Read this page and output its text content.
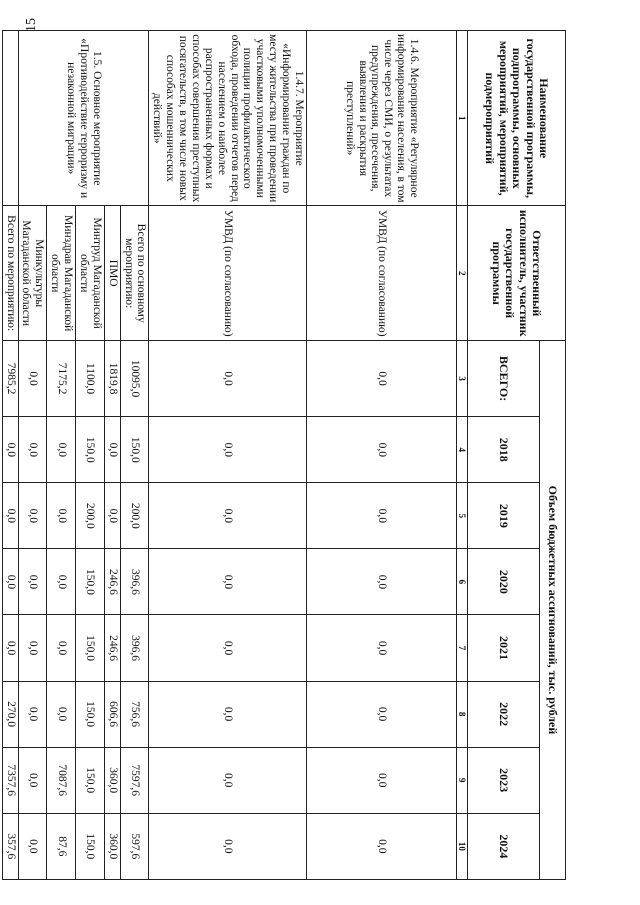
15
Наименование государственной программы, подпрограммы, основных мероприятий, мероприятий, подмероприятий	Ответственный исполнитель, участник государственной программы	Объем бюджетных ассигнований, тыс. рублей							
		ВСЕГО:	2018	2019	2020	2021	2022	2023	2024
1	2	3	4	5	6	7	8	9	10
1.4.6. Мероприятие «Регулярное информирование населения, в том числе через СМИ, о результатах предупреждения, пресечения, выявления и раскрытия преступлений»	УМВД (по согласованию)	0,0	0,0	0,0	0,0	0,0	0,0	0,0	0,0
1.4.7. Мероприятие «Информирование граждан по месту жительства при проведении участковыми уполномоченными полиции профилактического обхода, проведении отчетов перед населением о наиболее распространенных формах и способах совершения преступных посягательств, в том числе новых способах мошеннических действий»	УМВД (по согласованию)	0,0	0,0	0,0	0,0	0,0	0,0	0,0	0,0
1.5. Основное мероприятие «Противодействие терроризму и незаконной миграции»	Всего по основному мероприятию:	10095,0	150,0	200,0	396,6	396,6	756,6	7597,6	597,6
	ПМО	1819,8	0,0	0,0	246,6	246,6	606,6	360,0	360,0
	Минтруд Магаданской области	1100,0	150,0	200,0	150,0	150,0	150,0	150,0	150,0
	Минздрав Магаданской области	7175,2	0,0	0,0	0,0	0,0	0,0	7087,6	87,6
	Минкультуры Магаданской области	0,0	0,0	0,0	0,0	0,0	0,0	0,0	0,0
	Всего по мероприятию:	7985,2	0,0	0,0	0,0	0,0	270,0	7357,6	357,6
